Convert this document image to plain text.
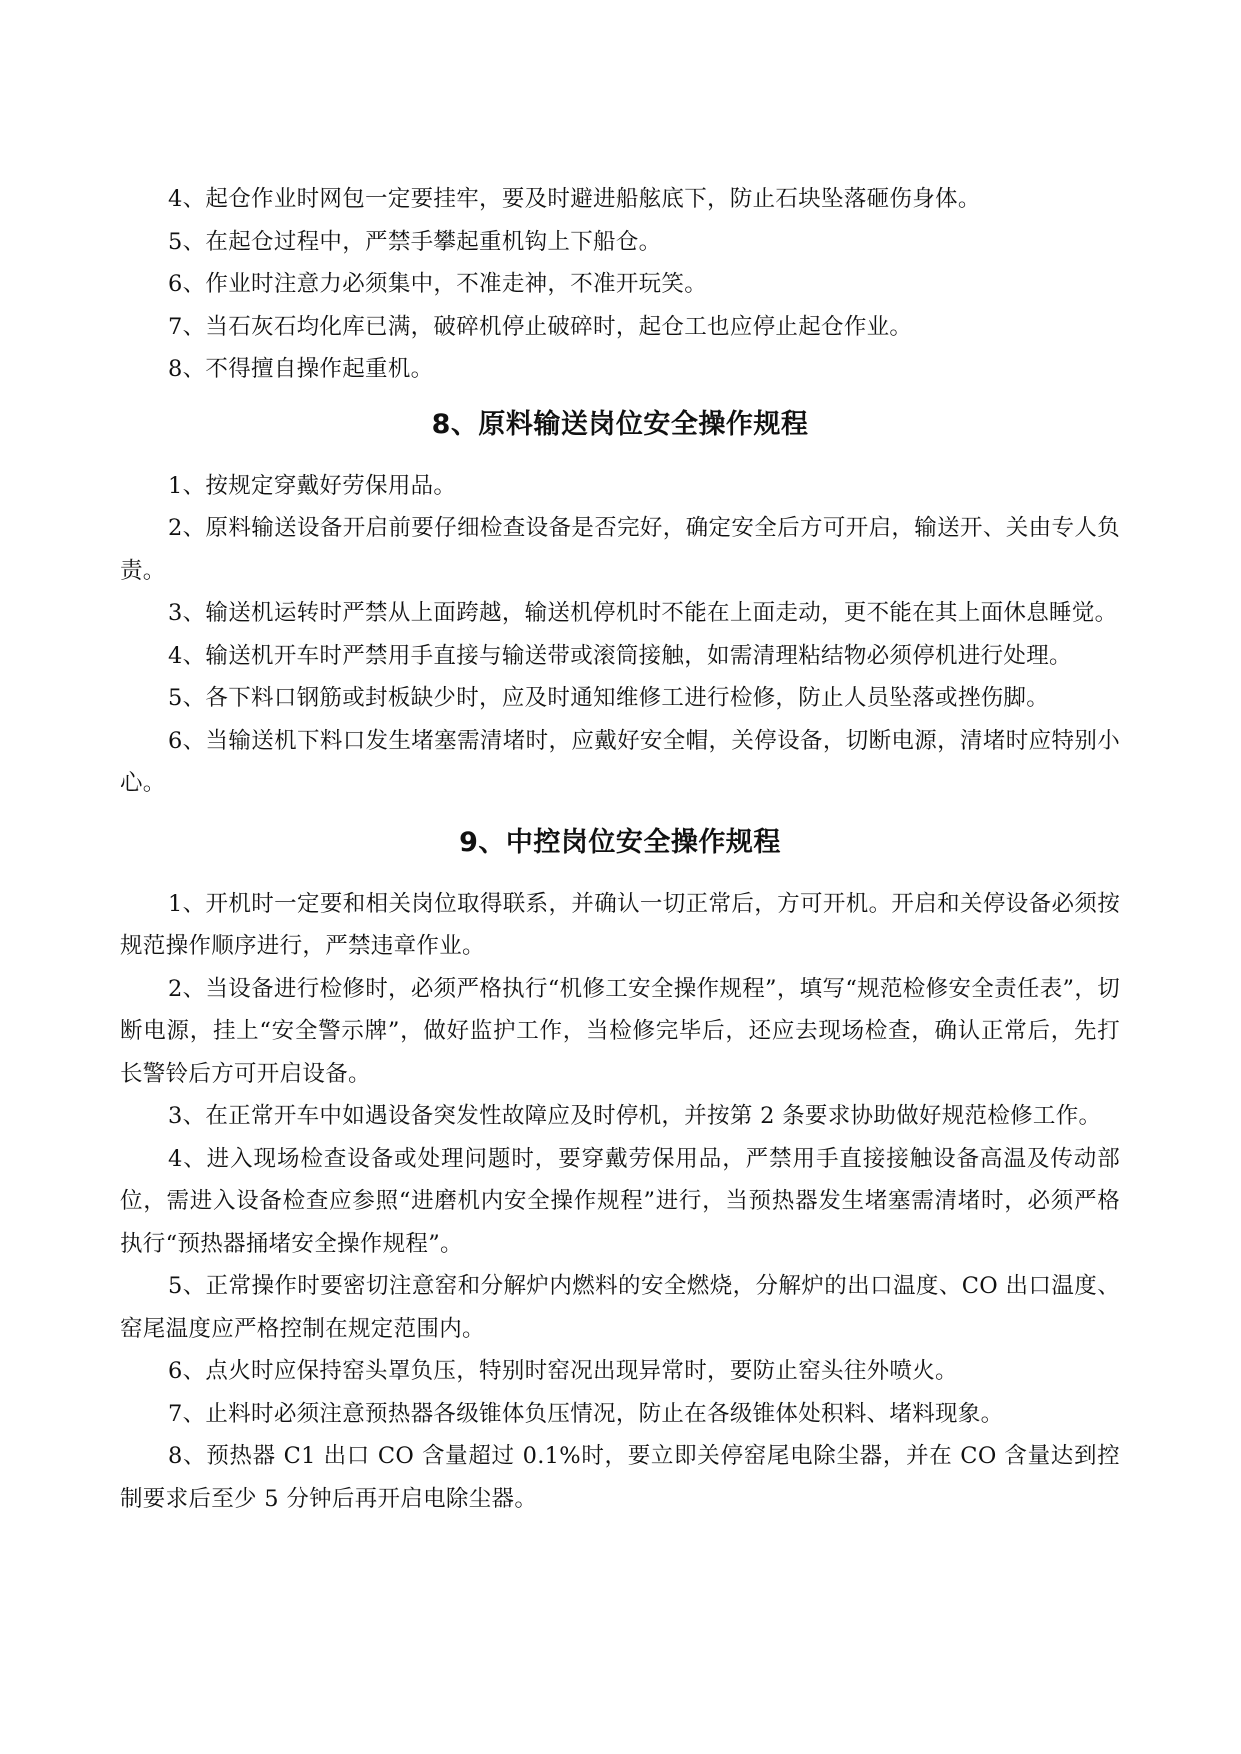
4、起仓作业时网包一定要挂牢，要及时避进船舷底下，防止石块坠落砸伤身体。

5、在起仓过程中，严禁手攀起重机钩上下船仓。

6、作业时注意力必须集中，不准走神，不准开玩笑。

7、当石灰石均化库已满，破碎机停止破碎时，起仓工也应停止起仓作业。

8、不得擅自操作起重机。

8、原料输送岗位安全操作规程

1、按规定穿戴好劳保用品。

2、原料输送设备开启前要仔细检查设备是否完好，确定安全后方可开启，输送开、关由专人负责。

3、输送机运转时严禁从上面跨越，输送机停机时不能在上面走动，更不能在其上面休息睡觉。

4、输送机开车时严禁用手直接与输送带或滚筒接触，如需清理粘结物必须停机进行处理。

5、各下料口钢筋或封板缺少时，应及时通知维修工进行检修，防止人员坠落或挫伤脚。

6、当输送机下料口发生堵塞需清堵时，应戴好安全帽，关停设备，切断电源，清堵时应特别小心。

9、中控岗位安全操作规程

1、开机时一定要和相关岗位取得联系，并确认一切正常后，方可开机。开启和关停设备必须按规范操作顺序进行，严禁违章作业。

2、当设备进行检修时，必须严格执行“机修工安全操作规程”，填写“规范检修安全责任表”，切断电源，挂上“安全警示牌”，做好监护工作，当检修完毕后，还应去现场检查，确认正常后，先打长警铃后方可开启设备。

3、在正常开车中如遇设备突发性故障应及时停机，并按第 2 条要求协助做好规范检修工作。

4、进入现场检查设备或处理问题时，要穿戴劳保用品，严禁用手直接接触设备高温及传动部位，需进入设备检查应参照“进磨机内安全操作规程”进行，当预热器发生堵塞需清堵时，必须严格执行“预热器捅堵安全操作规程”。

5、正常操作时要密切注意窑和分解炉内燃料的安全燃烧，分解炉的出口温度、CO 出口温度、窑尾温度应严格控制在规定范围内。

6、点火时应保持窑头罩负压，特别时窑况出现异常时，要防止窑头往外喷火。

7、止料时必须注意预热器各级锥体负压情况，防止在各级锥体处积料、堵料现象。

8、预热器 C1 出口 CO 含量超过 0.1%时，要立即关停窑尾电除尘器，并在 CO 含量达到控制要求后至少 5 分钟后再开启电除尘器。
